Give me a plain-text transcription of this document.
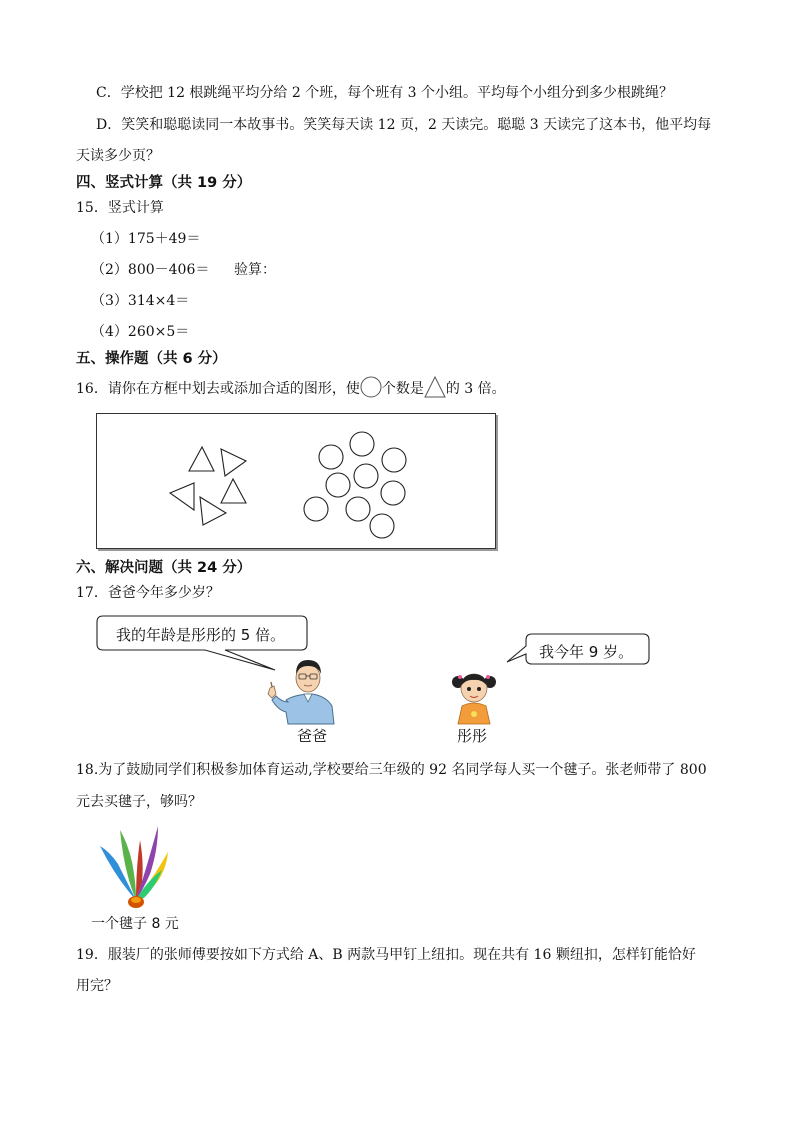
C．学校把 12 根跳绳平均分给 2 个班，每个班有 3 个小组。平均每个小组分到多少根跳绳？
D．笑笑和聪聪读同一本故事书。笑笑每天读 12 页，2 天读完。聪聪 3 天读完了这本书，他平均每
天读多少页？
四、竖式计算（共 19 分）
15．竖式计算
（1）175＋49＝
（2）800－406＝ 验算：
（3）314×4＝
（4）260×5＝
五、操作题（共 6 分）
16．请你在方框中划去或添加合适的图形，使 个数是 的 3 倍。
六、解决问题（共 24 分）
17．爸爸今年多少岁？
我的年龄是彤彤的 5 倍。
我今年 9 岁。
爸爸	彤彤
18.为了鼓励同学们积极参加体育运动,学校要给三年级的 92 名同学每人买一个毽子。张老师带了 800
元去买毽子，够吗？
一个毽子 8 元
19．服装厂的张师傅要按如下方式给 A、B 两款马甲钉上纽扣。现在共有 16 颗纽扣，怎样钉能恰好
用完？
